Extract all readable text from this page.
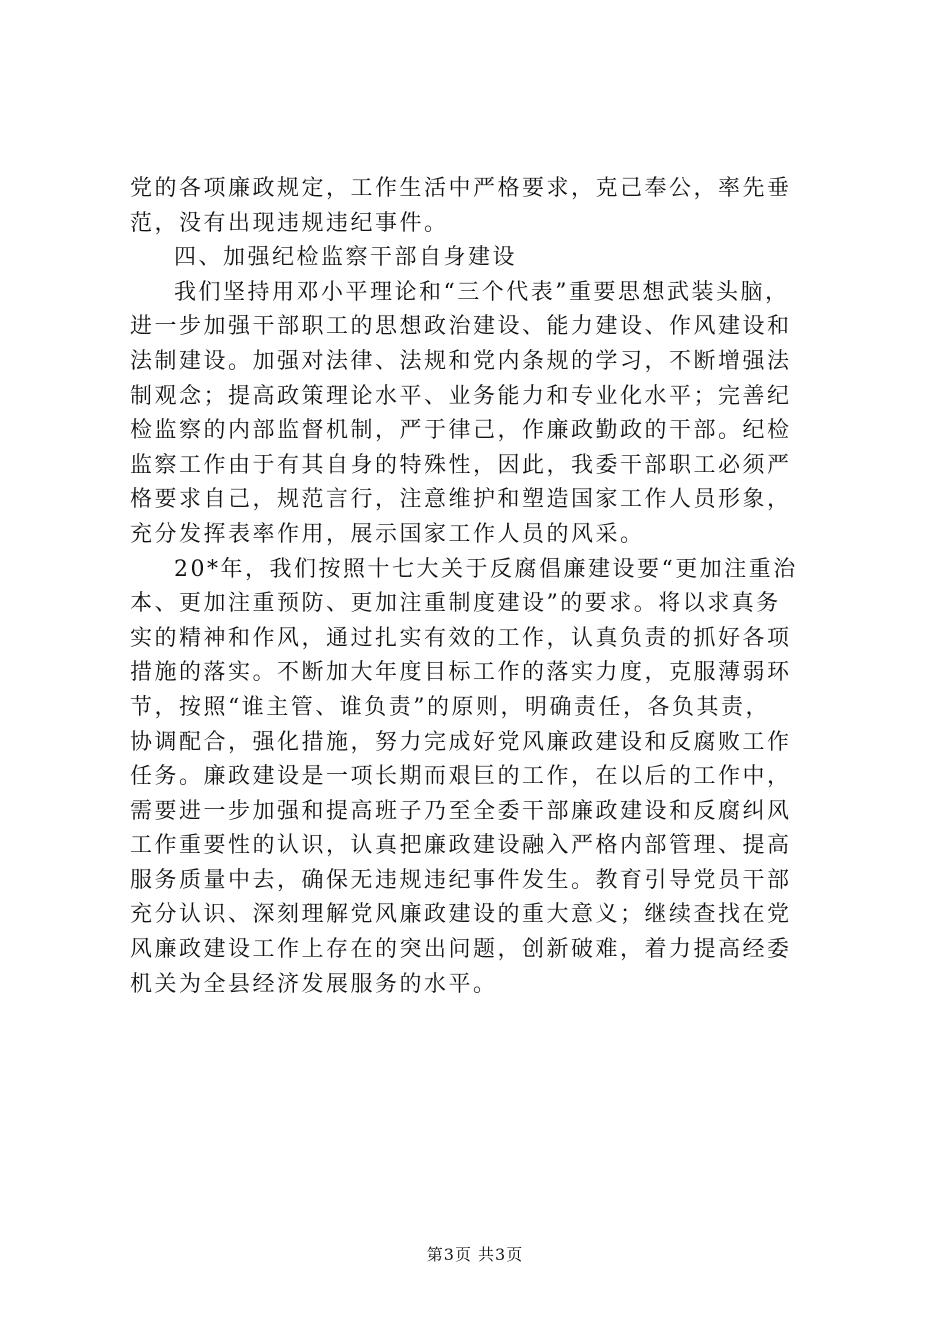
党的各项廉政规定，工作生活中严格要求，克己奉公，率先垂
范，没有出现违规违纪事件。
四、加强纪检监察干部自身建设
我们坚持用邓小平理论和“三个代表”重要思想武装头脑，
进一步加强干部职工的思想政治建设、能力建设、作风建设和
法制建设。加强对法律、法规和党内条规的学习，不断增强法
制观念；提高政策理论水平、业务能力和专业化水平；完善纪
检监察的内部监督机制，严于律己，作廉政勤政的干部。纪检
监察工作由于有其自身的特殊性，因此，我委干部职工必须严
格要求自己，规范言行，注意维护和塑造国家工作人员形象，
充分发挥表率作用，展示国家工作人员的风采。
20*年，我们按照十七大关于反腐倡廉建设要“更加注重治
本、更加注重预防、更加注重制度建设”的要求。将以求真务
实的精神和作风，通过扎实有效的工作，认真负责的抓好各项
措施的落实。不断加大年度目标工作的落实力度，克服薄弱环
节，按照“谁主管、谁负责”的原则，明确责任，各负其责，
协调配合，强化措施，努力完成好党风廉政建设和反腐败工作
任务。廉政建设是一项长期而艰巨的工作，在以后的工作中，
需要进一步加强和提高班子乃至全委干部廉政建设和反腐纠风
工作重要性的认识，认真把廉政建设融入严格内部管理、提高
服务质量中去，确保无违规违纪事件发生。教育引导党员干部
充分认识、深刻理解党风廉政建设的重大意义；继续查找在党
风廉政建设工作上存在的突出问题，创新破难，着力提高经委
机关为全县经济发展服务的水平。
第3页 共3页
